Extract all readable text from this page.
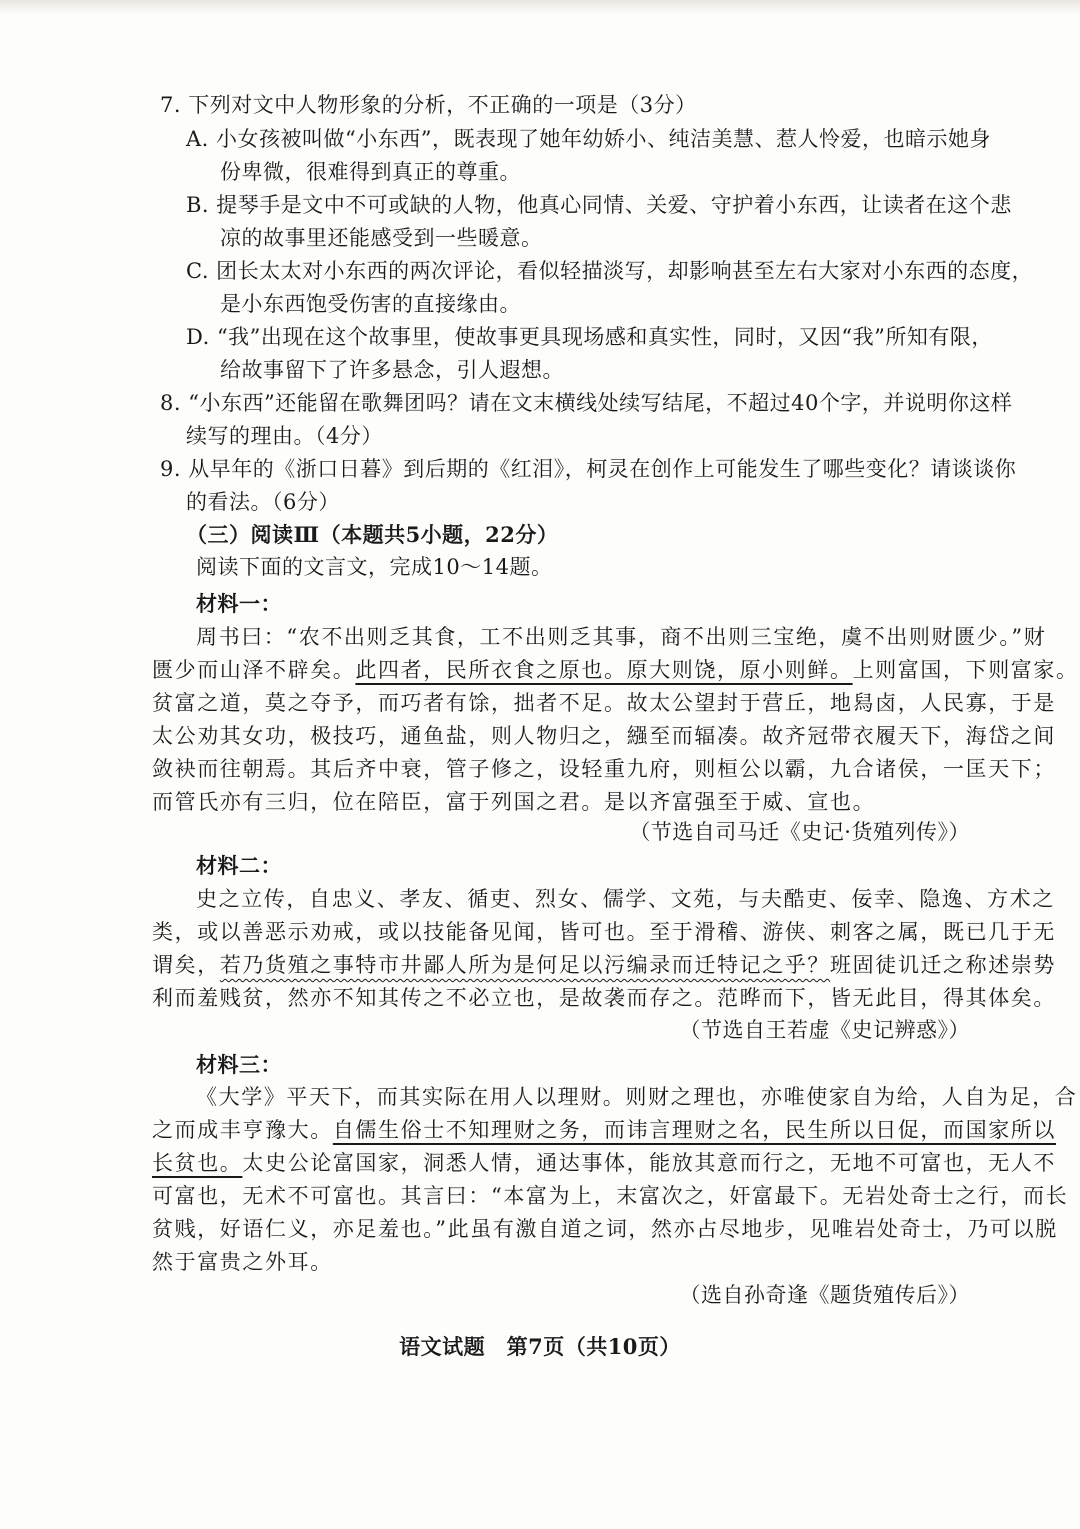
7. 下列对文中人物形象的分析，不正确的一项是（3分）
A. 小女孩被叫做“小东西”，既表现了她年幼娇小、纯洁美慧、惹人怜爱，也暗示她身
份卑微，很难得到真正的尊重。
B. 提琴手是文中不可或缺的人物，他真心同情、关爱、守护着小东西，让读者在这个悲
凉的故事里还能感受到一些暖意。
C. 团长太太对小东西的两次评论，看似轻描淡写，却影响甚至左右大家对小东西的态度，
是小东西饱受伤害的直接缘由。
D. “我”出现在这个故事里，使故事更具现场感和真实性，同时，又因“我”所知有限，
给故事留下了许多悬念，引人遐想。
8. “小东西”还能留在歌舞团吗？请在文末横线处续写结尾，不超过40个字，并说明你这样
续写的理由。（4分）
9. 从早年的《浙口日暮》到后期的《红泪》，柯灵在创作上可能发生了哪些变化？请谈谈你
的看法。（6分）
（三）阅读Ⅲ（本题共5小题，22分）
阅读下面的文言文，完成10～14题。
材料一：
周书曰：“农不出则乏其食，工不出则乏其事，商不出则三宝绝，虞不出则财匮少。”财
匮少而山泽不辟矣。此四者，民所衣食之原也。原大则饶，原小则鲜。上则富国，下则富家。
贫富之道，莫之夺予，而巧者有馀，拙者不足。故太公望封于营丘，地舄卤，人民寡，于是
太公劝其女功，极技巧，通鱼盐，则人物归之，繦至而辐凑。故齐冠带衣履天下，海岱之间
敛袂而往朝焉。其后齐中衰，管子修之，设轻重九府，则桓公以霸，九合诸侯，一匡天下；
而管氏亦有三归，位在陪臣，富于列国之君。是以齐富强至于威、宣也。
（节选自司马迁《史记·货殖列传》）
材料二：
史之立传，自忠义、孝友、循吏、烈女、儒学、文苑，与夫酷吏、佞幸、隐逸、方术之
类，或以善恶示劝戒，或以技能备见闻，皆可也。至于滑稽、游侠、刺客之属，既已几于无
谓矣，若乃货殖之事特市井鄙人所为是何足以污编录而迁特记之乎？班固徒讥迁之称述崇势
利而羞贱贫，然亦不知其传之不必立也，是故袭而存之。范晔而下，皆无此目，得其体矣。
（节选自王若虚《史记辨惑》）
材料三：
《大学》平天下，而其实际在用人以理财。则财之理也，亦唯使家自为给，人自为足，合
之而成丰亨豫大。自儒生俗士不知理财之务，而讳言理财之名，民生所以日促，而国家所以
长贫也。太史公论富国家，洞悉人情，通达事体，能放其意而行之，无地不可富也，无人不
可富也，无术不可富也。其言曰：“本富为上，末富次之，奸富最下。无岩处奇士之行，而长
贫贱，好语仁义，亦足羞也。”此虽有激自道之词，然亦占尽地步，见唯岩处奇士，乃可以脱
然于富贵之外耳。
（选自孙奇逢《题货殖传后》）
语文试题　第7页（共10页）
